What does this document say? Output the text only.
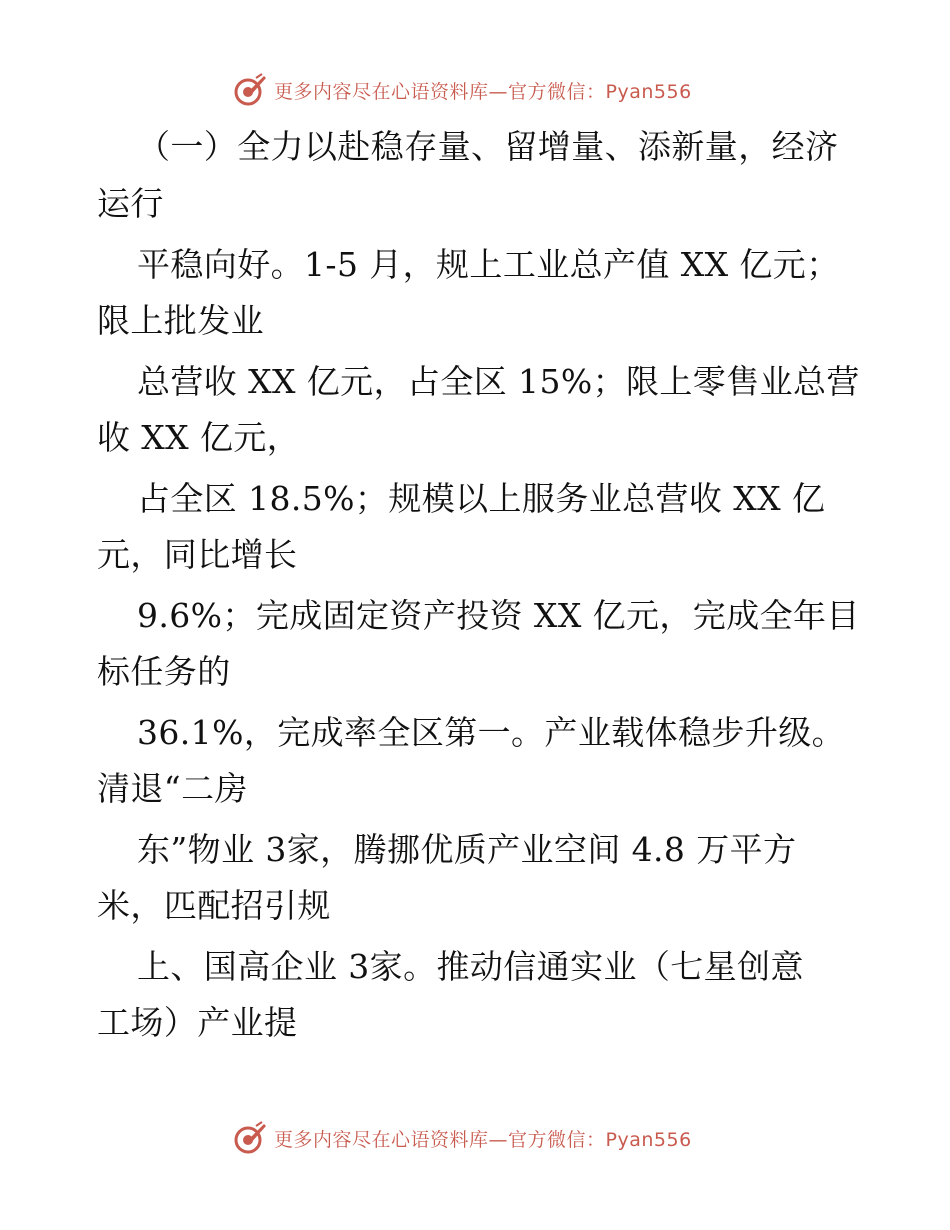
更多内容尽在心语资料库—官方微信：Pyan556
（一）全力以赴稳存量、留增量、添新量，经济
运行
平稳向好。1-5 月，规上工业总产值 XX 亿元；
限上批发业
总营收 XX 亿元，占全区 15%；限上零售业总营
收 XX 亿元，
占全区 18.5%；规模以上服务业总营收 XX 亿
元，同比增长
9.6%；完成固定资产投资 XX 亿元，完成全年目
标任务的
36.1%，完成率全区第一。产业载体稳步升级。
清退“二房
东”物业 3家，腾挪优质产业空间 4.8 万平方
米，匹配招引规
上、国高企业 3家。推动信通实业（七星创意
工场）产业提
更多内容尽在心语资料库—官方微信：Pyan556
